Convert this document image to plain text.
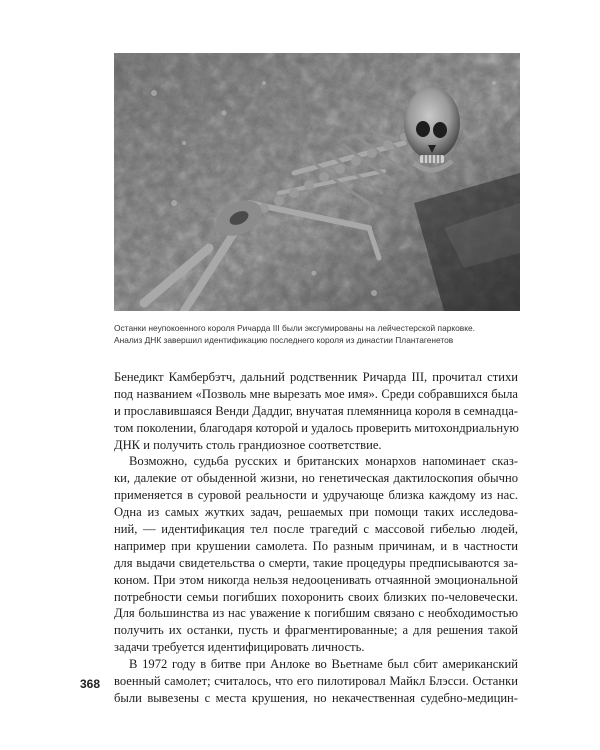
Останки неупокоенного короля Ричарда III были эксгумированы на лейчестерской парковке.
Анализ ДНК завершил идентификацию последнего короля из династии Плантагенетов
Бенедикт Камбербэтч, дальний родственник Ричарда III, прочитал стихи
под названием «Позволь мне вырезать мое имя». Среди собравшихся была
и прославившаяся Венди Даддиг, внучатая племянница короля в семнадца-
том поколении, благодаря которой и удалось проверить митохондриальную
ДНК и получить столь грандиозное соответствие.
Возможно, судьба русских и британских монархов напоминает сказ-
ки, далекие от обыденной жизни, но генетическая дактилоскопия обычно
применяется в суровой реальности и удручающе близка каждому из нас.
Одна из самых жутких задач, решаемых при помощи таких исследова-
ний, — идентификация тел после трагедий с массовой гибелью людей,
например при крушении самолета. По разным причинам, и в частности
для выдачи свидетельства о смерти, такие процедуры предписываются за-
коном. При этом никогда нельзя недооценивать отчаянной эмоциональной
потребности семьи погибших похоронить своих близких по-человечески.
Для большинства из нас уважение к погибшим связано с необходимостью
получить их останки, пусть и фрагментированные; а для решения такой
задачи требуется идентифицировать личность.
В 1972 году в битве при Анлоке во Вьетнаме был сбит американский
военный самолет; считалось, что его пилотировал Майкл Блэсси. Останки
были вывезены с места крушения, но некачественная судебно-медицин-
368
